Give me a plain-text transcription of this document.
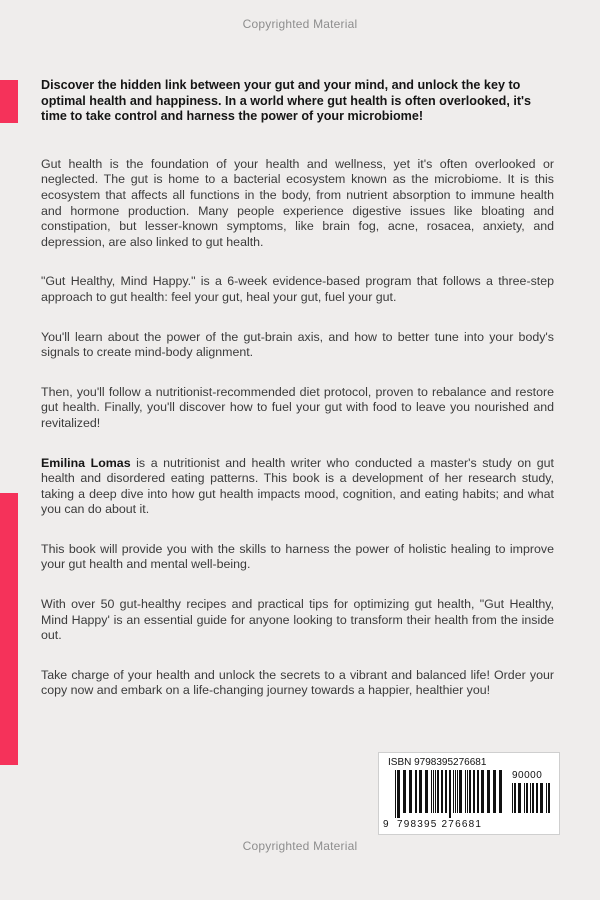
Copyrighted Material

Discover the hidden link between your gut and your mind, and unlock the key to optimal health and happiness. In a world where gut health is often overlooked, it's time to take control and harness the power of your microbiome!

Gut health is the foundation of your health and wellness, yet it's often overlooked or neglected. The gut is home to a bacterial ecosystem known as the microbiome. It is this ecosystem that affects all functions in the body, from nutrient absorption to immune health and hormone production. Many people experience digestive issues like bloating and constipation, but lesser-known symptoms, like brain fog, acne, rosacea, anxiety, and depression, are also linked to gut health.

"Gut Healthy, Mind Happy." is a 6-week evidence-based program that follows a three-step approach to gut health: feel your gut, heal your gut, fuel your gut.

You'll learn about the power of the gut-brain axis, and how to better tune into your body's signals to create mind-body alignment.

Then, you'll follow a nutritionist-recommended diet protocol, proven to rebalance and restore gut health. Finally, you'll discover how to fuel your gut with food to leave you nourished and revitalized!

Emilina Lomas is a nutritionist and health writer who conducted a master's study on gut health and disordered eating patterns. This book is a development of her research study, taking a deep dive into how gut health impacts mood, cognition, and eating habits; and what you can do about it.

This book will provide you with the skills to harness the power of holistic healing to improve your gut health and mental well-being.

With over 50 gut-healthy recipes and practical tips for optimizing gut health, "Gut Healthy, Mind Happy' is an essential guide for anyone looking to transform their health from the inside out.

Take charge of your health and unlock the secrets to a vibrant and balanced life! Order your copy now and embark on a life-changing journey towards a happier, healthier you!

ISBN 9798395276681
90000
9 798395 276681
Copyrighted Material
